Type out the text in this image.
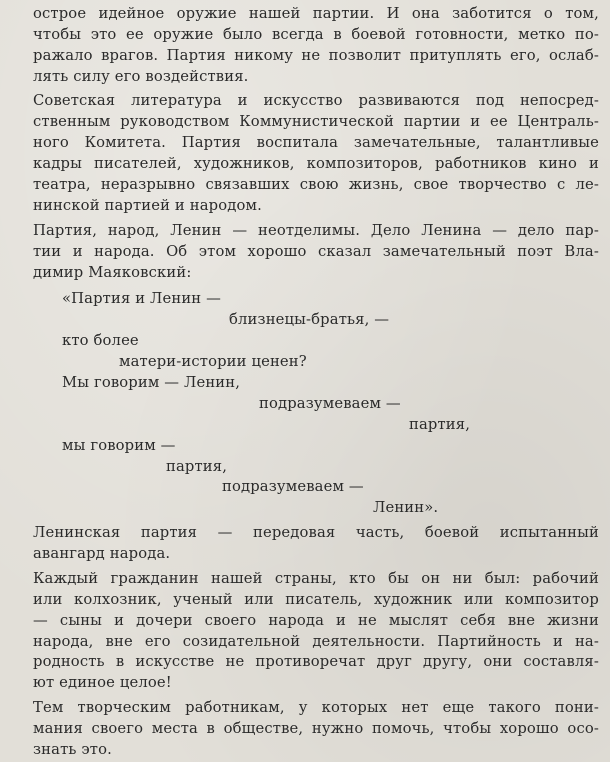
острое идейное оружие нашей партии. И она заботится о том,
чтобы это ее оружие было всегда в боевой готовности, метко по-
ражало врагов. Партия никому не позволит притуплять его, ослаб-
лять силу его воздействия.
Советская литература и искусство развиваются под непосред-
ственным руководством Коммунистической партии и ее Централь-
ного Комитета. Партия воспитала замечательные, талантливые
кадры писателей, художников, композиторов, работников кино и
театра, неразрывно связавших свою жизнь, свое творчество с ле-
нинской партией и народом.
Партия, народ, Ленин — неотделимы. Дело Ленина — дело пар-
тии и народа. Об этом хорошо сказал замечательный поэт Вла-
димир Маяковский:
«Партия и Ленин —
близнецы-братья, —
кто более
матери-истории ценен?
Мы говорим — Ленин,
подразумеваем —
партия,
мы говорим —
партия,
подразумеваем —
Ленин».
Ленинская партия — передовая часть, боевой испытанный
авангард народа.
Каждый гражданин нашей страны, кто бы он ни был: рабочий
или колхозник, ученый или писатель, художник или композитор
— сыны и дочери своего народа и не мыслят себя вне жизни
народа, вне его созидательной деятельности. Партийность и на-
родность в искусстве не противоречат друг другу, они составля-
ют единое целое!
Тем творческим работникам, у которых нет еще такого пони-
мания своего места в обществе, нужно помочь, чтобы хорошо осо-
знать это.
